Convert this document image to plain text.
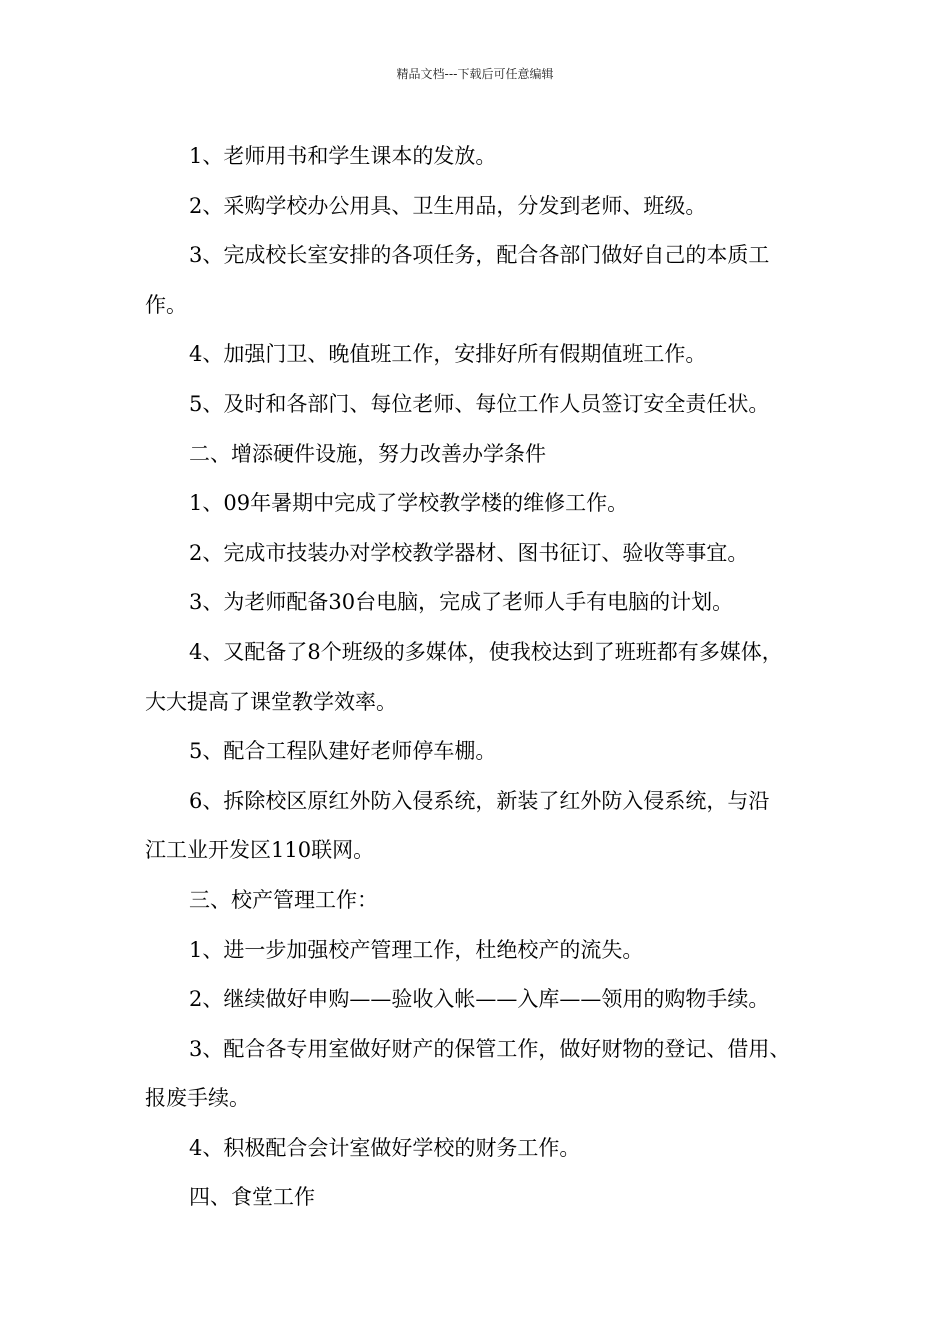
精品文档---下载后可任意编辑

1、老师用书和学生课本的发放。

2、采购学校办公用具、卫生用品，分发到老师、班级。

3、完成校长室安排的各项任务，配合各部门做好自己的本质工

作。

4、加强门卫、晚值班工作，安排好所有假期值班工作。

5、及时和各部门、每位老师、每位工作人员签订安全责任状。

二、增添硬件设施，努力改善办学条件

1、09年暑期中完成了学校教学楼的维修工作。

2、完成市技装办对学校教学器材、图书征订、验收等事宜。

3、为老师配备30台电脑，完成了老师人手有电脑的计划。

4、又配备了8个班级的多媒体，使我校达到了班班都有多媒体，

大大提高了课堂教学效率。

5、配合工程队建好老师停车棚。

6、拆除校区原红外防入侵系统，新装了红外防入侵系统，与沿

江工业开发区110联网。

三、校产管理工作：

1、进一步加强校产管理工作，杜绝校产的流失。

2、继续做好申购——验收入帐——入库——领用的购物手续。

3、配合各专用室做好财产的保管工作，做好财物的登记、借用、

报废手续。

4、积极配合会计室做好学校的财务工作。

四、食堂工作
